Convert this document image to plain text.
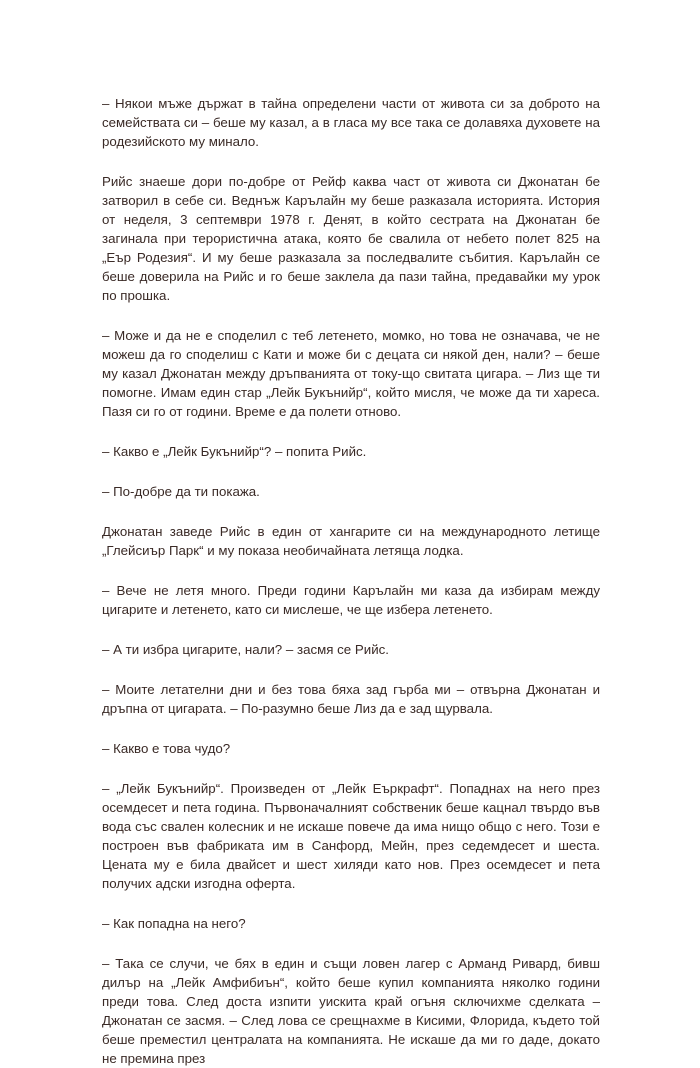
– Някои мъже държат в тайна определени части от живота си за доброто на семействата си – беше му казал, а в гласа му все така се долавяха духовете на родезийското му минало.

Рийс знаеше дори по-добре от Рейф каква част от живота си Джонатан бе затворил в себе си. Веднъж Карълайн му беше разказала историята. История от неделя, 3 септември 1978 г. Денят, в който сестрата на Джонатан бе загинала при терористична атака, която бе свалила от небето полет 825 на „Еър Родезия“. И му беше разказала за последвалите събития. Карълайн се беше доверила на Рийс и го беше заклела да пази тайна, предавайки му урок по прошка.

– Може и да не е споделил с теб летенето, момко, но това не означава, че не можеш да го споделиш с Кати и може би с децата си някой ден, нали? – беше му казал Джонатан между дръпванията от току-що свитата цигара. – Лиз ще ти помогне. Имам един стар „Лейк Букънийр“, който мисля, че може да ти хареса. Пазя си го от години. Време е да полети отново.

– Какво е „Лейк Букънийр“? – попита Рийс.

– По-добре да ти покажа.

Джонатан заведе Рийс в един от хангарите си на международното летище „Глейсиър Парк“ и му показа необичайната летяща лодка.

– Вече не летя много. Преди години Карълайн ми каза да избирам между цигарите и летенето, като си мислеше, че ще избера летенето.

– А ти избра цигарите, нали? – засмя се Рийс.

– Моите летателни дни и без това бяха зад гърба ми – отвърна Джонатан и дръпна от цигарата. – По-разумно беше Лиз да е зад щурвала.

– Какво е това чудо?

– „Лейк Букънийр“. Произведен от „Лейк Еъркрафт“. Попаднах на него през осемдесет и пета година. Първоначалният собственик беше кацнал твърдо във вода със свален колесник и не искаше повече да има нищо общо с него. Този е построен във фабриката им в Санфорд, Мейн, през седемдесет и шеста. Цената му е била двайсет и шест хиляди като нов. През осемдесет и пета получих адски изгодна оферта.

– Как попадна на него?

– Така се случи, че бях в един и същи ловен лагер с Арманд Ривард, бивш дилър на „Лейк Амфибиън“, който беше купил компанията няколко години преди това. След доста изпити уискита край огъня сключихме сделката – Джонатан се засмя. – След лова се срещнахме в Кисими, Флорида, където той беше преместил централата на компанията. Не искаше да ми го даде, докато не премина през
